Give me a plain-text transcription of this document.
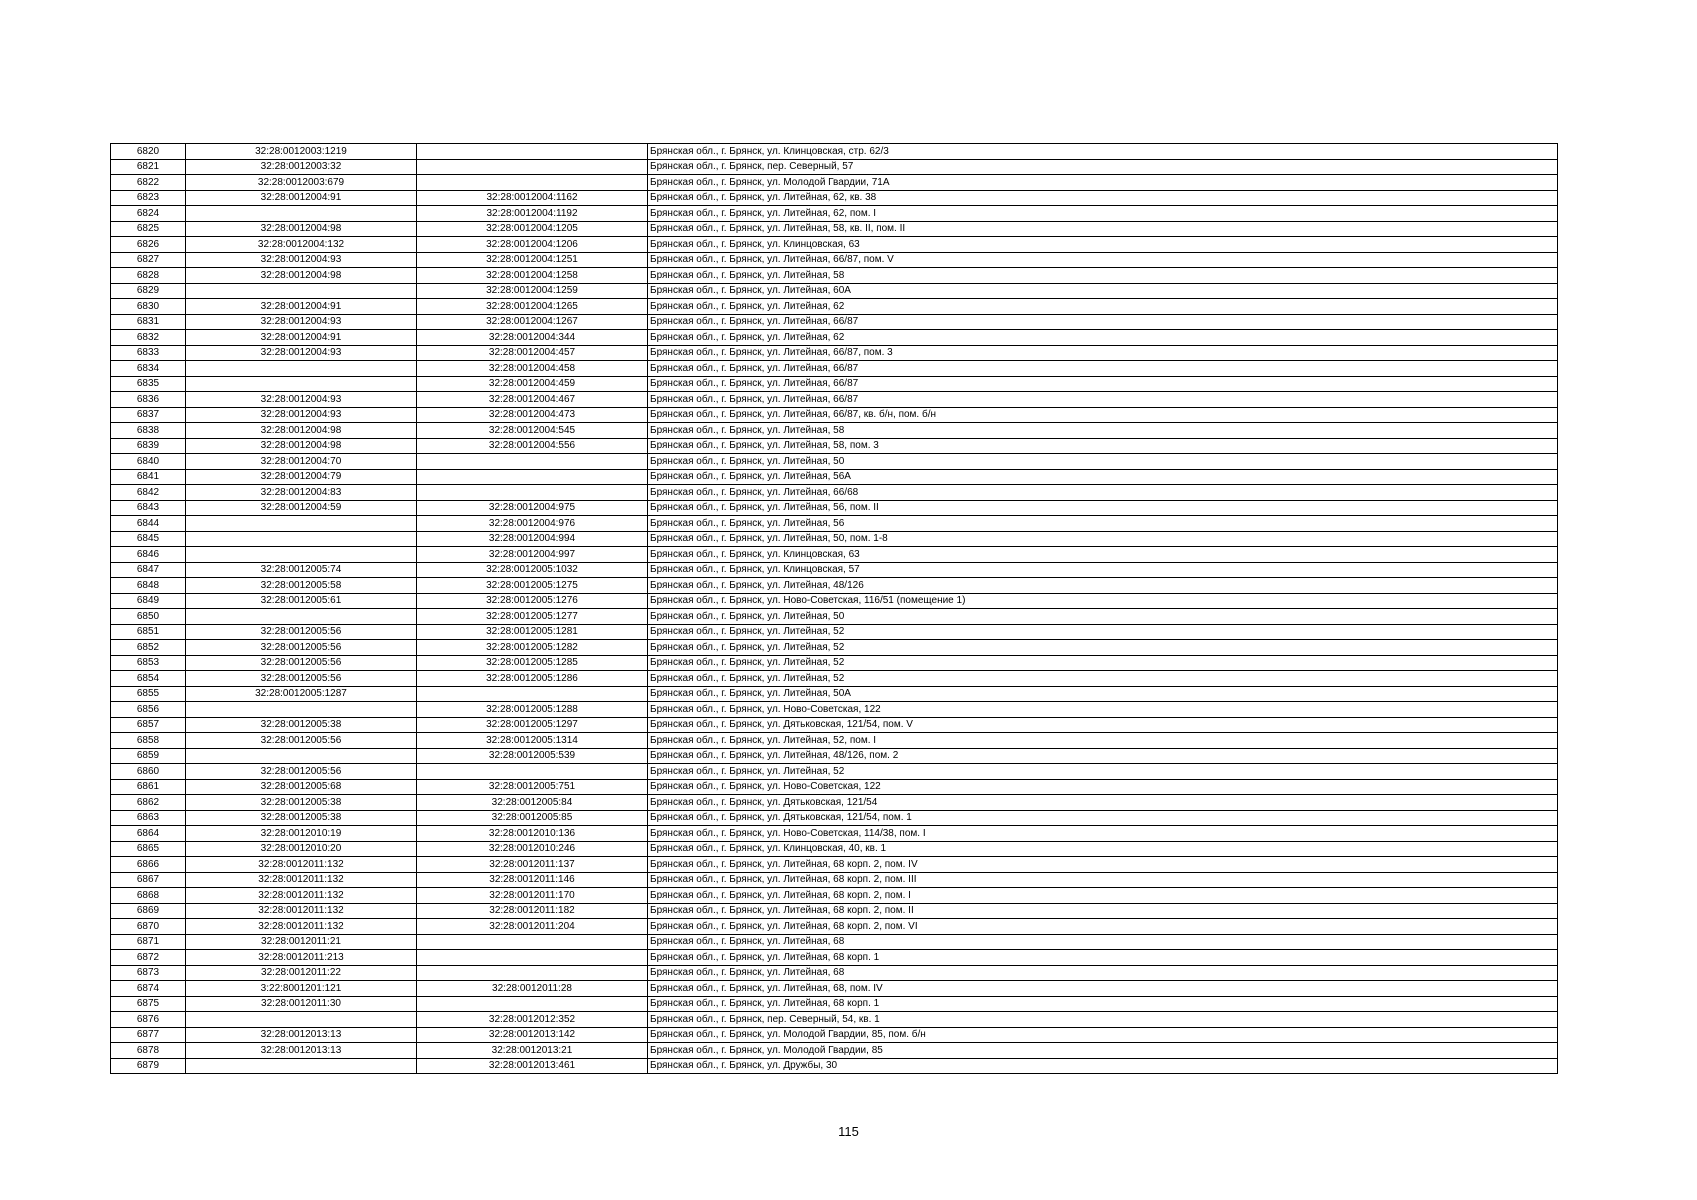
6820	32:28:0012003:1219		Брянская обл., г. Брянск, ул. Клинцовская, стр. 62/3
6821	32:28:0012003:32		Брянская обл., г. Брянск, пер. Северный, 57
6822	32:28:0012003:679		Брянская обл., г. Брянск, ул. Молодой Гвардии, 71А
6823	32:28:0012004:91	32:28:0012004:1162	Брянская обл., г. Брянск, ул. Литейная, 62, кв. 38
6824		32:28:0012004:1192	Брянская обл., г. Брянск, ул. Литейная, 62, пом. I
6825	32:28:0012004:98	32:28:0012004:1205	Брянская обл., г. Брянск, ул. Литейная, 58, кв. II, пом. II
6826	32:28:0012004:132	32:28:0012004:1206	Брянская обл., г. Брянск, ул. Клинцовская, 63
6827	32:28:0012004:93	32:28:0012004:1251	Брянская обл., г. Брянск, ул. Литейная, 66/87, пом. V
6828	32:28:0012004:98	32:28:0012004:1258	Брянская обл., г. Брянск, ул. Литейная, 58
6829		32:28:0012004:1259	Брянская обл., г. Брянск, ул. Литейная, 60А
6830	32:28:0012004:91	32:28:0012004:1265	Брянская обл., г. Брянск, ул. Литейная, 62
6831	32:28:0012004:93	32:28:0012004:1267	Брянская обл., г. Брянск, ул. Литейная, 66/87
6832	32:28:0012004:91	32:28:0012004:344	Брянская обл., г. Брянск, ул. Литейная, 62
6833	32:28:0012004:93	32:28:0012004:457	Брянская обл., г. Брянск, ул. Литейная, 66/87, пом. 3
6834		32:28:0012004:458	Брянская обл., г. Брянск, ул. Литейная, 66/87
6835		32:28:0012004:459	Брянская обл., г. Брянск, ул. Литейная, 66/87
6836	32:28:0012004:93	32:28:0012004:467	Брянская обл., г. Брянск, ул. Литейная, 66/87
6837	32:28:0012004:93	32:28:0012004:473	Брянская обл., г. Брянск, ул. Литейная, 66/87, кв. б/н, пом. б/н
6838	32:28:0012004:98	32:28:0012004:545	Брянская обл., г. Брянск, ул. Литейная, 58
6839	32:28:0012004:98	32:28:0012004:556	Брянская обл., г. Брянск, ул. Литейная, 58, пом. 3
6840	32:28:0012004:70		Брянская обл., г. Брянск, ул. Литейная, 50
6841	32:28:0012004:79		Брянская обл., г. Брянск, ул. Литейная, 56А
6842	32:28:0012004:83		Брянская обл., г. Брянск, ул. Литейная, 66/68
6843	32:28:0012004:59	32:28:0012004:975	Брянская обл., г. Брянск, ул. Литейная, 56, пом. II
6844		32:28:0012004:976	Брянская обл., г. Брянск, ул. Литейная, 56
6845		32:28:0012004:994	Брянская обл., г. Брянск, ул. Литейная, 50, пом. 1-8
6846		32:28:0012004:997	Брянская обл., г. Брянск, ул. Клинцовская, 63
6847	32:28:0012005:74	32:28:0012005:1032	Брянская обл., г. Брянск, ул. Клинцовская, 57
6848	32:28:0012005:58	32:28:0012005:1275	Брянская обл., г. Брянск, ул. Литейная, 48/126
6849	32:28:0012005:61	32:28:0012005:1276	Брянская обл., г. Брянск, ул. Ново-Советская, 116/51 (помещение 1)
6850		32:28:0012005:1277	Брянская обл., г. Брянск, ул. Литейная, 50
6851	32:28:0012005:56	32:28:0012005:1281	Брянская обл., г. Брянск, ул. Литейная, 52
6852	32:28:0012005:56	32:28:0012005:1282	Брянская обл., г. Брянск, ул. Литейная, 52
6853	32:28:0012005:56	32:28:0012005:1285	Брянская обл., г. Брянск, ул. Литейная, 52
6854	32:28:0012005:56	32:28:0012005:1286	Брянская обл., г. Брянск, ул. Литейная, 52
6855	32:28:0012005:1287		Брянская обл., г. Брянск, ул. Литейная, 50А
6856		32:28:0012005:1288	Брянская обл., г. Брянск, ул. Ново-Советская, 122
6857	32:28:0012005:38	32:28:0012005:1297	Брянская обл., г. Брянск, ул. Дятьковская, 121/54, пом. V
6858	32:28:0012005:56	32:28:0012005:1314	Брянская обл., г. Брянск, ул. Литейная, 52, пом. I
6859		32:28:0012005:539	Брянская обл., г. Брянск, ул. Литейная, 48/126, пом. 2
6860	32:28:0012005:56		Брянская обл., г. Брянск, ул. Литейная, 52
6861	32:28:0012005:68	32:28:0012005:751	Брянская обл., г. Брянск, ул. Ново-Советская, 122
6862	32:28:0012005:38	32:28:0012005:84	Брянская обл., г. Брянск, ул. Дятьковская, 121/54
6863	32:28:0012005:38	32:28:0012005:85	Брянская обл., г. Брянск, ул. Дятьковская, 121/54, пом. 1
6864	32:28:0012010:19	32:28:0012010:136	Брянская обл., г. Брянск, ул. Ново-Советская, 114/38, пом. I
6865	32:28:0012010:20	32:28:0012010:246	Брянская обл., г. Брянск, ул. Клинцовская, 40, кв. 1
6866	32:28:0012011:132	32:28:0012011:137	Брянская обл., г. Брянск, ул. Литейная, 68 корп. 2, пом. IV
6867	32:28:0012011:132	32:28:0012011:146	Брянская обл., г. Брянск, ул. Литейная, 68 корп. 2, пом. III
6868	32:28:0012011:132	32:28:0012011:170	Брянская обл., г. Брянск, ул. Литейная, 68 корп. 2, пом. I
6869	32:28:0012011:132	32:28:0012011:182	Брянская обл., г. Брянск, ул. Литейная, 68 корп. 2, пом. II
6870	32:28:0012011:132	32:28:0012011:204	Брянская обл., г. Брянск, ул. Литейная, 68 корп. 2, пом. VI
6871	32:28:0012011:21		Брянская обл., г. Брянск, ул. Литейная, 68
6872	32:28:0012011:213		Брянская обл., г. Брянск, ул. Литейная, 68 корп. 1
6873	32:28:0012011:22		Брянская обл., г. Брянск, ул. Литейная, 68
6874	3:22:8001201:121	32:28:0012011:28	Брянская обл., г. Брянск, ул. Литейная, 68, пом. IV
6875	32:28:0012011:30		Брянская обл., г. Брянск, ул. Литейная, 68 корп. 1
6876		32:28:0012012:352	Брянская обл., г. Брянск, пер. Северный, 54, кв. 1
6877	32:28:0012013:13	32:28:0012013:142	Брянская обл., г. Брянск, ул. Молодой Гвардии, 85, пом. б/н
6878	32:28:0012013:13	32:28:0012013:21	Брянская обл., г. Брянск, ул. Молодой Гвардии, 85
6879		32:28:0012013:461	Брянская обл., г. Брянск, ул. Дружбы, 30
115
